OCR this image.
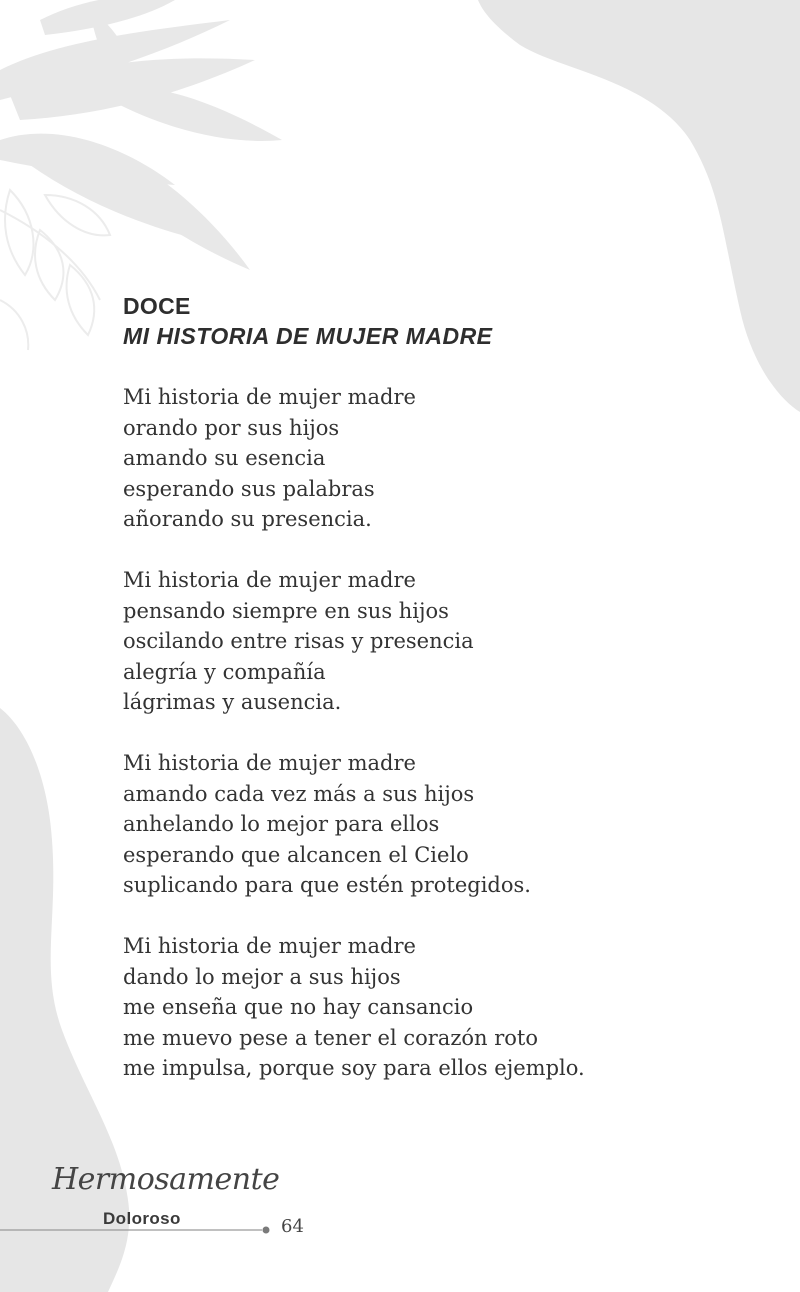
DOCE
MI HISTORIA DE MUJER MADRE
Mi historia de mujer madre
orando por sus hijos
amando su esencia
esperando sus palabras
añorando su presencia.
Mi historia de mujer madre
pensando siempre en sus hijos
oscilando entre risas y presencia
alegría y compañía
lágrimas y ausencia.
Mi historia de mujer madre
amando cada vez más a sus hijos
anhelando lo mejor para ellos
esperando que alcancen el Cielo
suplicando para que estén protegidos.
Mi historia de mujer madre
dando lo mejor a sus hijos
me enseña que no hay cansancio
me muevo pese a tener el corazón roto
me impulsa, porque soy para ellos ejemplo.
Hermosamente
Doloroso	64
